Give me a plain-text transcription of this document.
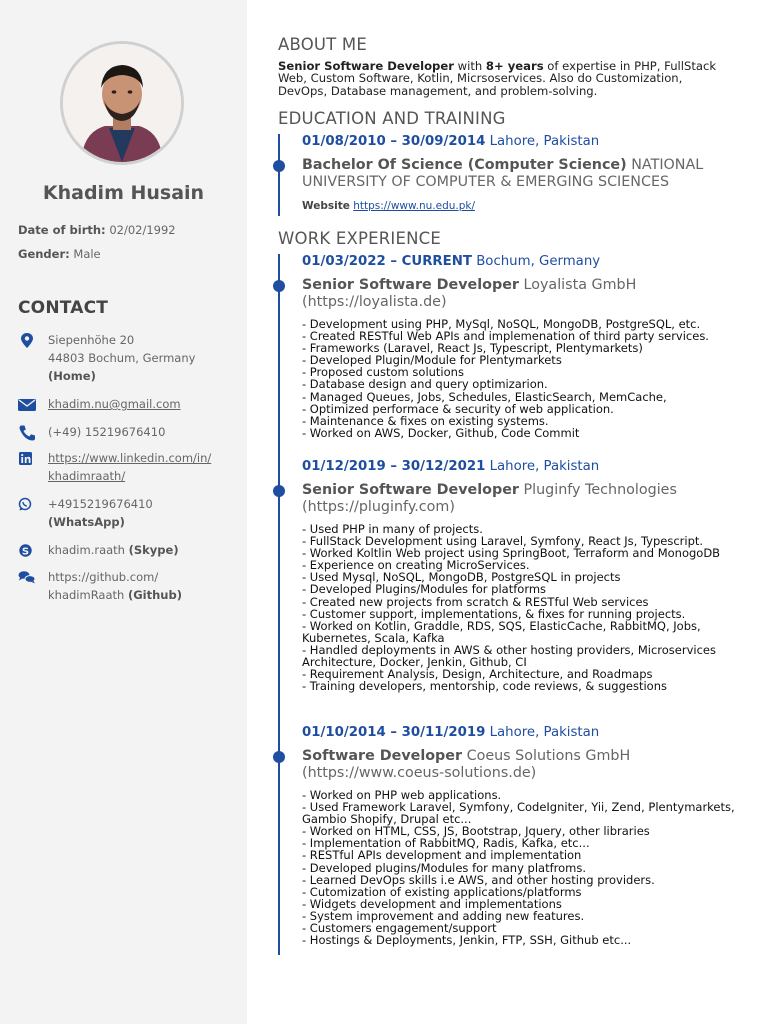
Khadim Husain
Date of birth: 02/02/1992
Gender: Male
CONTACT
Siepenhöhe 20
44803 Bochum, Germany
(Home)
khadim.nu@gmail.com
(+49) 15219676410
https://www.linkedin.com/in/
khadimraath/
+4915219676410
(WhatsApp)
S khadim.raath (Skype)
https://github.com/
khadimRaath (Github)
ABOUT ME
Senior Software Developer with 8+ years of expertise in PHP, FullStack Web, Custom Software, Kotlin, Micrsoservices. Also do Customization, DevOps, Database management, and problem-solving.
EDUCATION AND TRAINING
01/08/2010 – 30/09/2014 Lahore, Pakistan
Bachelor Of Science (Computer Science) NATIONAL UNIVERSITY OF COMPUTER & EMERGING SCIENCES
Website https://www.nu.edu.pk/
WORK EXPERIENCE
01/03/2022 – CURRENT Bochum, Germany
Senior Software Developer Loyalista GmbH (https://loyalista.de)
- Development using PHP, MySql, NoSQL, MongoDB, PostgreSQL, etc.
- Created RESTful Web APIs and implemenation of third party services.
- Frameworks (Laravel, React Js, Typescript, Plentymarkets)
- Developed Plugin/Module for Plentymarkets
- Proposed custom solutions
- Database design and query optimizarion.
- Managed Queues, Jobs, Schedules, ElasticSearch, MemCache,
- Optimized performace & security of web application.
- Maintenance & fixes on existing systems.
- Worked on AWS, Docker, Github, Code Commit
01/12/2019 – 30/12/2021 Lahore, Pakistan
Senior Software Developer Pluginfy Technologies (https://pluginfy.com)
- Used PHP in many of projects.
- FullStack Development using Laravel, Symfony, React Js, Typescript.
- Worked Koltlin Web project using SpringBoot, Terraform and MonogoDB
- Experience on creating MicroServices.
- Used Mysql, NoSQL, MongoDB, PostgreSQL in projects
- Developed Plugins/Modules for platforms
- Created new projects from scratch & RESTful Web services
- Customer support, implementations, & fixes for running projects.
- Worked on Kotlin, Graddle, RDS, SQS, ElasticCache, RabbitMQ, Jobs, Kubernetes, Scala, Kafka
- Handled deployments in AWS & other hosting providers, Microservices Architecture, Docker, Jenkin, Github, CI
- Requirement Analysis, Design, Architecture, and Roadmaps
- Training developers, mentorship, code reviews, & suggestions
01/10/2014 – 30/11/2019 Lahore, Pakistan
Software Developer Coeus Solutions GmbH (https://www.coeus-solutions.de)
- Worked on PHP web applications.
- Used Framework Laravel, Symfony, CodeIgniter, Yii, Zend, Plentymarkets, Gambio Shopify, Drupal etc...
- Worked on HTML, CSS, JS, Bootstrap, Jquery, other libraries
- Implementation of RabbitMQ, Radis, Kafka, etc...
- RESTful APIs development and implementation
- Developed plugins/Modules for many platfroms.
- Learned DevOps skills i.e AWS, and other hosting providers.
- Cutomization of existing applications/platforms
- Widgets development and implementations
- System improvement and adding new features.
- Customers engagement/support
- Hostings & Deployments, Jenkin, FTP, SSH, Github etc...
